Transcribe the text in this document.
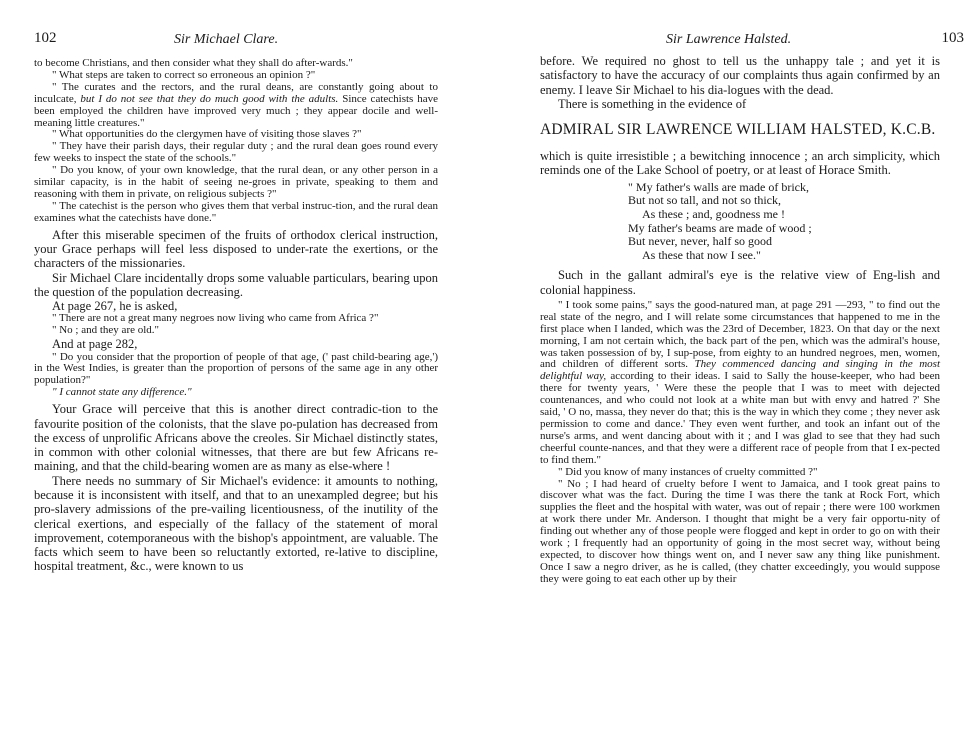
102	Sir Michael Clare.

to become Christians, and then consider what they shall do after-wards."

" What steps are taken to correct so erroneous an opinion ?"

" The curates and the rectors, and the rural deans, are constantly going about to inculcate, but I do not see that they do much good with the adults. Since catechists have been employed the children have improved very much ; they appear docile and well-meaning little creatures."

" What opportunities do the clergymen have of visiting those slaves ?"

" They have their parish days, their regular duty ; and the rural dean goes round every few weeks to inspect the state of the schools."

" Do you know, of your own knowledge, that the rural dean, or any other person in a similar capacity, is in the habit of seeing ne-groes in private, speaking to them and reasoning with them in private, on religious subjects ?"

" The catechist is the person who gives them that verbal instruc-tion, and the rural dean examines what the catechists have done."

After this miserable specimen of the fruits of orthodox clerical instruction, your Grace perhaps will feel less disposed to under-rate the exertions, or the characters of the missionaries.

Sir Michael Clare incidentally drops some valuable particulars, bearing upon the question of the population decreasing.

At page 267, he is asked,

" There are not a great many negroes now living who came from Africa ?"

" No ; and they are old."

And at page 282,

" Do you consider that the proportion of people of that age, (' past child-bearing age,') in the West Indies, is greater than the proportion of persons of the same age in any other population?"

" I cannot state any difference."

Your Grace will perceive that this is another direct contradic-tion to the favourite position of the colonists, that the slave po-pulation has decreased from the excess of unprolific Africans above the creoles. Sir Michael distinctly states, in common with other colonial witnesses, that there are but few Africans re-maining, and that the child-bearing women are as many as else-where !

There needs no summary of Sir Michael's evidence: it amounts to nothing, because it is inconsistent with itself, and that to an unexampled degree; but his pro-slavery admissions of the pre-vailing licentiousness, of the inutility of the clerical exertions, and especially of the fallacy of the statement of moral improvement, cotemporaneous with the bishop's appointment, are valuable. The facts which seem to have been so reluctantly extorted, re-lative to discipline, hospital treatment, &c., were known to us

Sir Lawrence Halsted.	103

before. We required no ghost to tell us the unhappy tale ; and yet it is satisfactory to have the accuracy of our complaints thus again confirmed by an enemy. I leave Sir Michael to his dia-logues with the dead.

There is something in the evidence of

ADMIRAL SIR LAWRENCE WILLIAM HALSTED, K.C.B.

which is quite irresistible ; a bewitching innocence ; an arch simplicity, which reminds one of the Lake School of poetry, or at least of Horace Smith.

" My father's walls are made of brick,
But not so tall, and not so thick,
As these ; and, goodness me !
My father's beams are made of wood ;
But never, never, half so good
As these that now I see."

Such in the gallant admiral's eye is the relative view of Eng-lish and colonial happiness.

" I took some pains," says the good-natured man, at page 291 —293, " to find out the real state of the negro, and I will relate some circumstances that happened to me in the first place when I landed, which was the 23rd of December, 1823. On that day or the next morning, I am not certain which, the back part of the pen, which was the admiral's house, was taken possession of by, I sup-pose, from eighty to an hundred negroes, men, women, and children of different sorts. They commenced dancing and singing in the most delightful way, according to their ideas. I said to Sally the house-keeper, who had been there for twenty years, ' Were these the people that I was to meet with dejected countenances, and who could not look at a white man but with envy and hatred ?' She said, ' O no, massa, they never do that; this is the way in which they come ; they never ask permission to come and dance.' They even went further, and took an infant out of the nurse's arms, and went dancing about with it ; and I was glad to see that they had such cheerful counte-nances, and that they were a different race of people from that I ex-pected to find them."

" Did you know of many instances of cruelty committed ?"

" No ; I had heard of cruelty before I went to Jamaica, and I took great pains to discover what was the fact. During the time I was there the tank at Rock Fort, which supplies the fleet and the hospital with water, was out of repair ; there were 100 workmen at work there under Mr. Anderson. I thought that might be a very fair opportu-nity of finding out whether any of those people were flogged and kept in order to go on with their work ; I frequently had an opportunity of going in the most secret way, without being expected, to discover how things went on, and I never saw any thing like punishment. Once I saw a negro driver, as he is called, (they chatter exceedingly, you would suppose they were going to eat each other up by their
